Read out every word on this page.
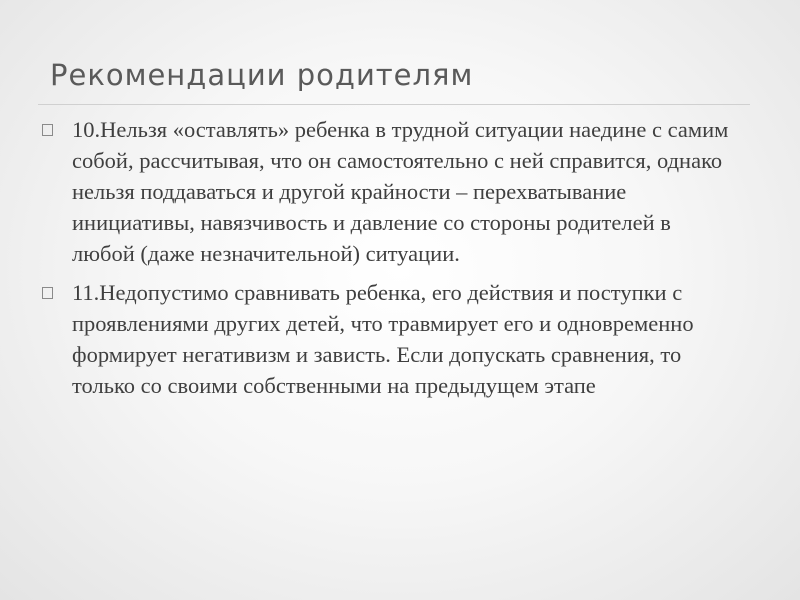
Рекомендации родителям
10.Нельзя «оставлять» ребенка в трудной ситуации наедине с самим собой, рассчитывая, что он самостоятельно с ней справится, однако нельзя поддаваться и другой крайности – перехватывание инициативы, навязчивость и давление со стороны родителей в любой (даже незначительной) ситуации.
11.Недопустимо сравнивать ребенка, его действия и поступки с проявлениями других детей, что травмирует его и одновременно формирует негативизм и зависть. Если допускать сравнения, то только со своими собственными на предыдущем этапе
